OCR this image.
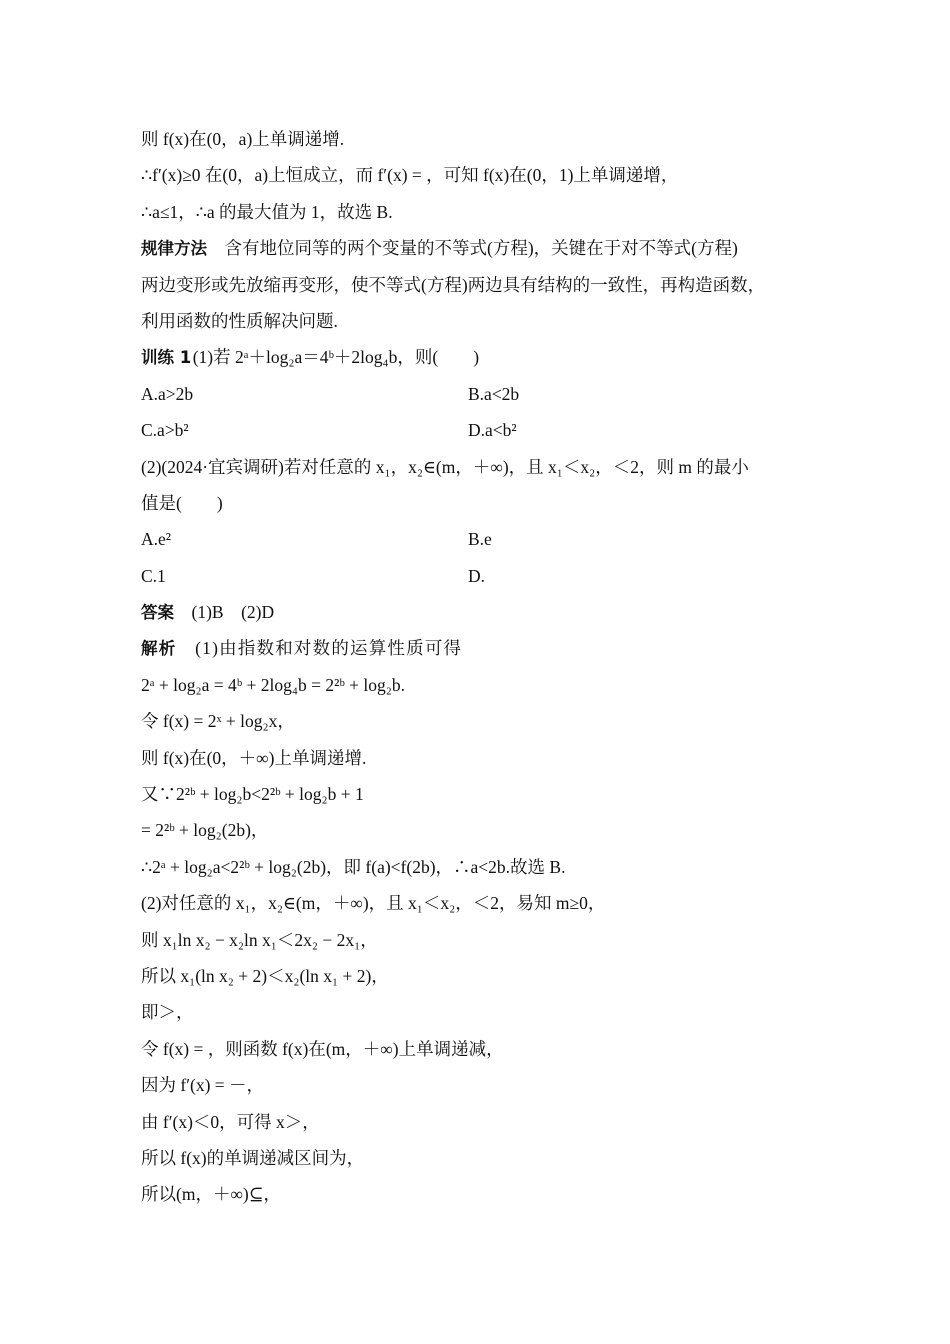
则 f(x)在(0，a)上单调递增.
∴f′(x)≥0 在(0，a)上恒成立，而 f′(x) = ，可知 f(x)在(0，1)上单调递增，
∴a≤1，∴a 的最大值为 1，故选 B.
规律方法　 含有地位同等的两个变量的不等式(方程)，关键在于对不等式(方程)
两边变形或先放缩再变形，使不等式(方程)两边具有结构的一致性，再构造函数，
利用函数的性质解决问题.
训练 1 (1)若 2ᵃ＋log₂a＝4ᵇ＋2log₄b，则(　　)
A.a>2b	B.a<2b
C.a>b²	D.a<b²
(2)(2024·宜宾调研)若对任意的 x₁，x₂∈(m，＋∞)，且 x₁＜x₂，＜2，则 m 的最小
值是(　　)
A.e²	B.e
C.1	D.
答案　 (1)B　(2)D
解析　 (1)由指数和对数的运算性质可得
2ᵃ + log₂a = 4ᵇ + 2log₄b = 2²ᵇ + log₂b.
令 f(x) = 2ˣ + log₂x，
则 f(x)在(0，＋∞)上单调递增.
又∵2²ᵇ + log₂b<2²ᵇ + log₂b + 1
= 2²ᵇ + log₂(2b)，
∴2ᵃ + log₂a<2²ᵇ + log₂(2b)，即 f(a)<f(2b)，∴a<2b.故选 B.
(2)对任意的 x₁，x₂∈(m，＋∞)，且 x₁＜x₂，＜2，易知 m≥0，
则 x₁ln x₂ − x₂ln x₁＜2x₂ − 2x₁，
所以 x₁(ln x₂ + 2)＜x₂(ln x₁ + 2)，
即＞，
令 f(x) = ，则函数 f(x)在(m，＋∞)上单调递减，
因为 f′(x) = －，
由 f′(x)＜0，可得 x＞，
所以 f(x)的单调递减区间为，
所以(m，＋∞)⊆，
